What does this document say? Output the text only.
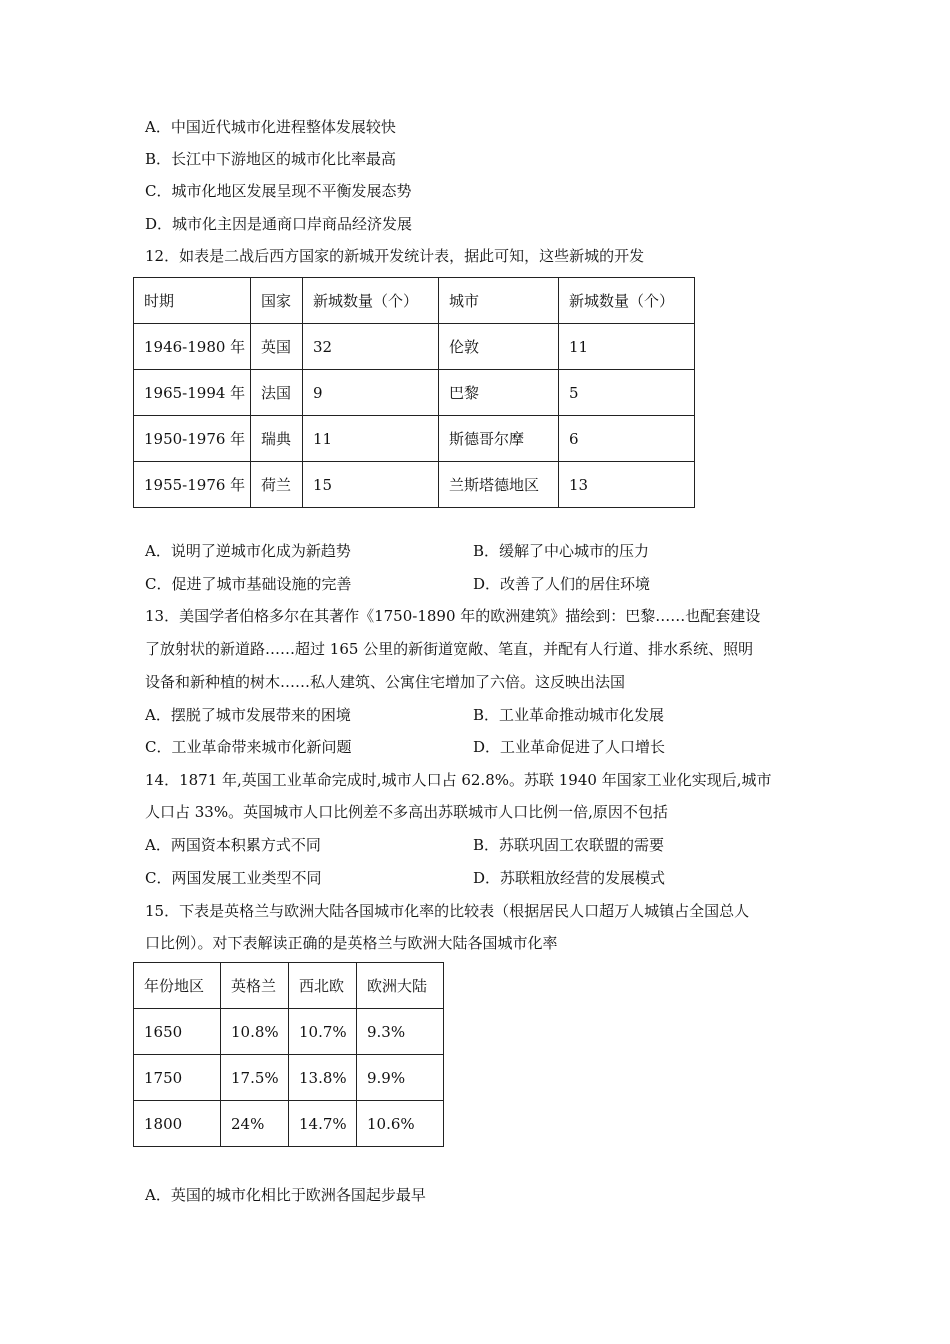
A．中国近代城市化进程整体发展较快
B．长江中下游地区的城市化比率最高
C．城市化地区发展呈现不平衡发展态势
D．城市化主因是通商口岸商品经济发展
12．如表是二战后西方国家的新城开发统计表，据此可知，这些新城的开发
时期	国家	新城数量（个）	城市	新城数量（个）
1946-1980 年	英国	32	伦敦	11
1965-1994 年	法国	9	巴黎	5
1950-1976 年	瑞典	11	斯德哥尔摩	6
1955-1976 年	荷兰	15	兰斯塔德地区	13
A．说明了逆城市化成为新趋势	B．缓解了中心城市的压力
C．促进了城市基础设施的完善	D．改善了人们的居住环境
13．美国学者伯格多尔在其著作《1750-1890 年的欧洲建筑》描绘到：巴黎……也配套建设
了放射状的新道路……超过 165 公里的新街道宽敞、笔直，并配有人行道、排水系统、照明
设备和新种植的树木……私人建筑、公寓住宅增加了六倍。这反映出法国
A．摆脱了城市发展带来的困境	B．工业革命推动城市化发展
C．工业革命带来城市化新问题	D．工业革命促进了人口增长
14．1871 年,英国工业革命完成时,城市人口占 62.8%。苏联 1940 年国家工业化实现后,城市
人口占 33%。英国城市人口比例差不多高出苏联城市人口比例一倍,原因不包括
A．两国资本积累方式不同	B．苏联巩固工农联盟的需要
C．两国发展工业类型不同	D．苏联粗放经营的发展模式
15．下表是英格兰与欧洲大陆各国城市化率的比较表（根据居民人口超万人城镇占全国总人
口比例）。对下表解读正确的是英格兰与欧洲大陆各国城市化率
年份地区	英格兰	西北欧	欧洲大陆
1650	10.8%	10.7%	9.3%
1750	17.5%	13.8%	9.9%
1800	24%	14.7%	10.6%
A．英国的城市化相比于欧洲各国起步最早
